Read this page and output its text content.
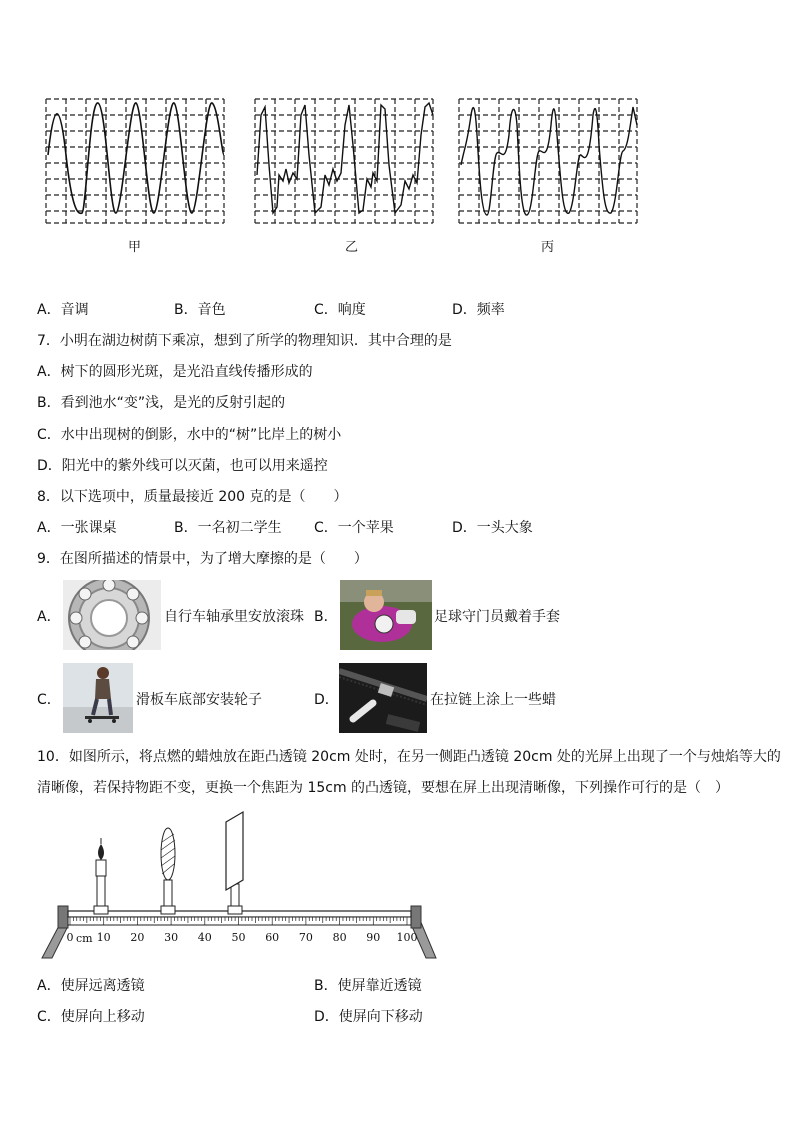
甲	乙	丙
A．音调	B．音色	C．响度	D．频率
7．小明在湖边树荫下乘凉，想到了所学的物理知识．其中合理的是
A．树下的圆形光斑，是光沿直线传播形成的
B．看到池水“变”浅，是光的反射引起的
C．水中出现树的倒影，水中的“树”比岸上的树小
D．阳光中的紫外线可以灭菌，也可以用来遥控
8．以下选项中，质量最接近 200 克的是（　　）
A．一张课桌	B．一名初二学生 C．一个苹果	D．一头大象
9．在图所描述的情景中，为了增大摩擦的是（　　）
A．	自行车轴承里安放滚珠 B．	足球守门员戴着手套
C．	滑板车底部安装轮子	D．	在拉链上涂上一些蜡
10．如图所示，将点燃的蜡烛放在距凸透镜 20cm 处时，在另一侧距凸透镜 20cm 处的光屏上出现了一个与烛焰等大的
清晰像，若保持物距不变，更换一个焦距为 15cm 的凸透镜，要想在屏上出现清晰像，下列操作可行的是（　）
0 10 20 30 40 50 60 70 80 90 100
cm
A．使屏远离透镜	B．使屏靠近透镜
C．使屏向上移动	D．使屏向下移动
